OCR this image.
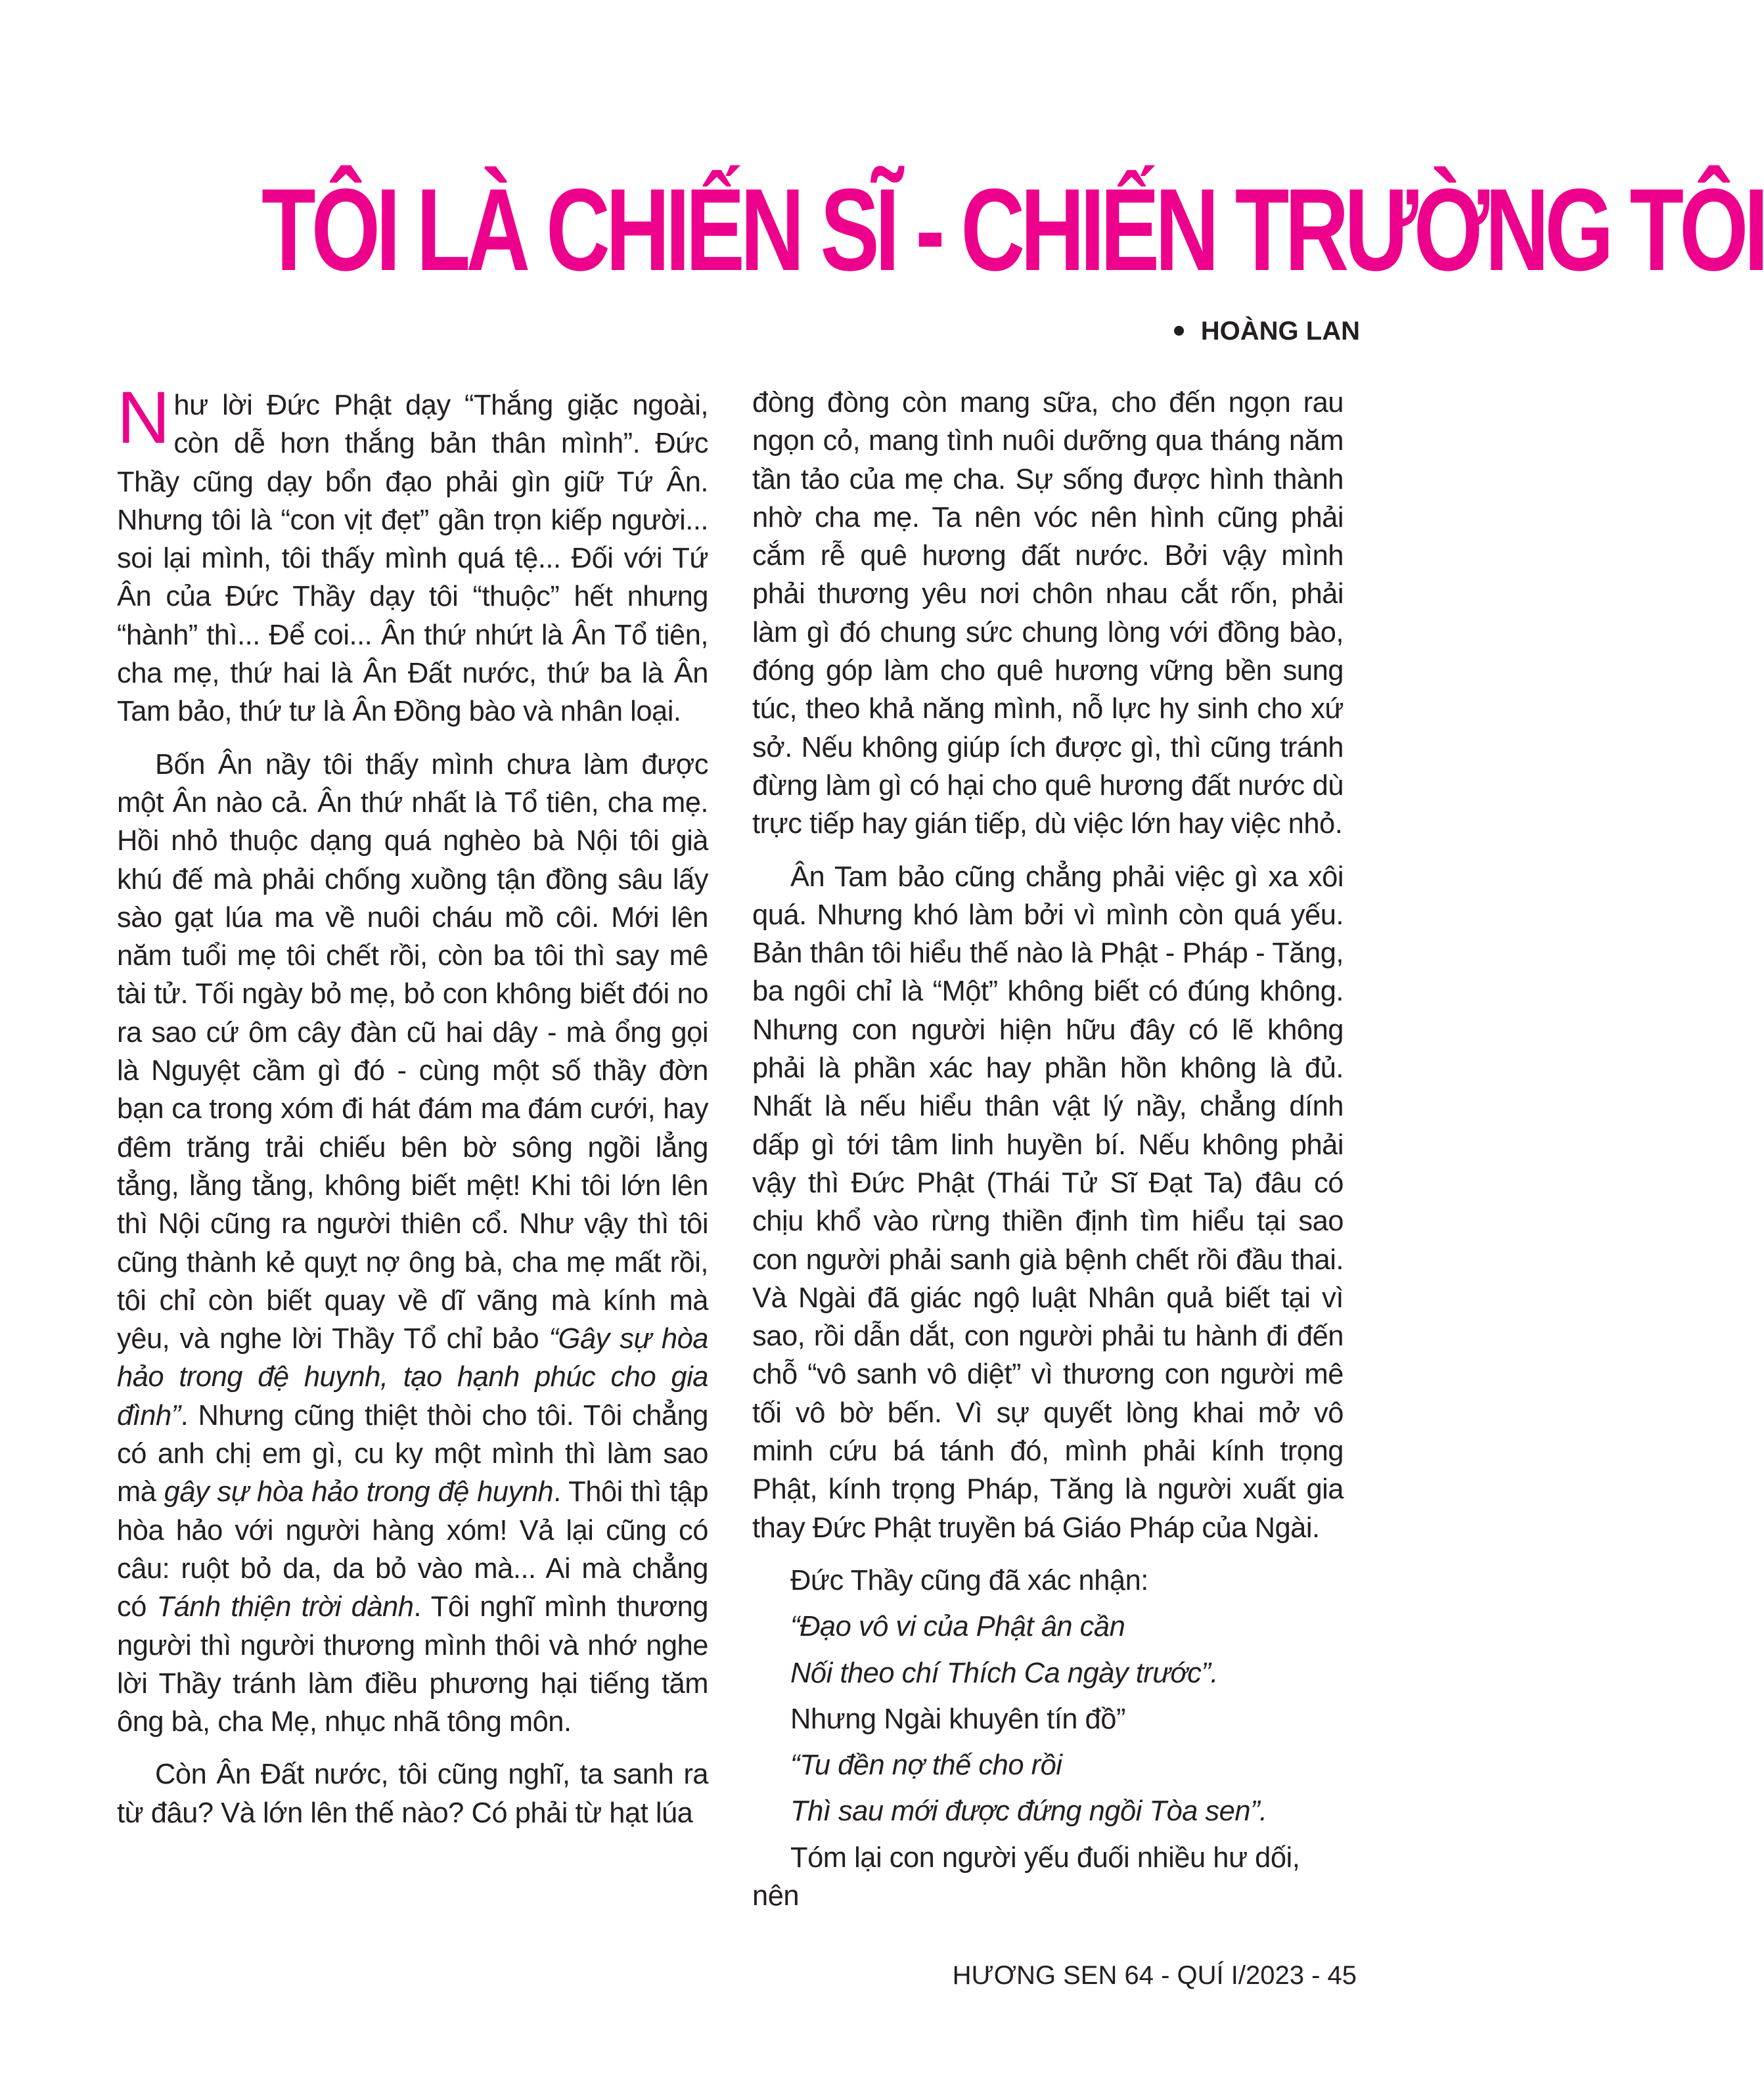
TÔI LÀ CHIẾN SĨ - CHIẾN TRƯỜNG TÔI
HOÀNG LAN

Như lời Đức Phật dạy “Thắng giặc ngoài, còn dễ hơn thắng bản thân mình”. Đức Thầy cũng dạy bổn đạo phải gìn giữ Tứ Ân. Nhưng tôi là “con vịt đẹt” gần trọn kiếp người... soi lại mình, tôi thấy mình quá tệ... Đối với Tứ Ân của Đức Thầy dạy tôi “thuộc” hết nhưng “hành” thì... Để coi... Ân thứ nhứt là Ân Tổ tiên, cha mẹ, thứ hai là Ân Đất nước, thứ ba là Ân Tam bảo, thứ tư là Ân Đồng bào và nhân loại.

Bốn Ân nầy tôi thấy mình chưa làm được một Ân nào cả. Ân thứ nhất là Tổ tiên, cha mẹ. Hồi nhỏ thuộc dạng quá nghèo bà Nội tôi già khú đế mà phải chống xuồng tận đồng sâu lấy sào gạt lúa ma về nuôi cháu mồ côi. Mới lên năm tuổi mẹ tôi chết rồi, còn ba tôi thì say mê tài tử. Tối ngày bỏ mẹ, bỏ con không biết đói no ra sao cứ ôm cây đàn cũ hai dây - mà ổng gọi là Nguyệt cầm gì đó - cùng một số thầy đờn bạn ca trong xóm đi hát đám ma đám cưới, hay đêm trăng trải chiếu bên bờ sông ngồi lẳng tẳng, lằng tằng, không biết mệt! Khi tôi lớn lên thì Nội cũng ra người thiên cổ. Như vậy thì tôi cũng thành kẻ quỵt nợ ông bà, cha mẹ mất rồi, tôi chỉ còn biết quay về dĩ vãng mà kính mà yêu, và nghe lời Thầy Tổ chỉ bảo “Gây sự hòa hảo trong đệ huynh, tạo hạnh phúc cho gia đình”. Nhưng cũng thiệt thòi cho tôi. Tôi chẳng có anh chị em gì, cu ky một mình thì làm sao mà gây sự hòa hảo trong đệ huynh. Thôi thì tập hòa hảo với người hàng xóm! Vả lại cũng có câu: ruột bỏ da, da bỏ vào mà... Ai mà chẳng có Tánh thiện trời dành. Tôi nghĩ mình thương người thì người thương mình thôi và nhớ nghe lời Thầy tránh làm điều phương hại tiếng tăm ông bà, cha Mẹ, nhục nhã tông môn.

Còn Ân Đất nước, tôi cũng nghĩ, ta sanh ra từ đâu? Và lớn lên thế nào? Có phải từ hạt lúa

đòng đòng còn mang sữa, cho đến ngọn rau ngọn cỏ, mang tình nuôi dưỡng qua tháng năm tần tảo của mẹ cha. Sự sống được hình thành nhờ cha mẹ. Ta nên vóc nên hình cũng phải cắm rễ quê hương đất nước. Bởi vậy mình phải thương yêu nơi chôn nhau cắt rốn, phải làm gì đó chung sức chung lòng với đồng bào, đóng góp làm cho quê hương vững bền sung túc, theo khả năng mình, nỗ lực hy sinh cho xứ sở. Nếu không giúp ích được gì, thì cũng tránh đừng làm gì có hại cho quê hương đất nước dù trực tiếp hay gián tiếp, dù việc lớn hay việc nhỏ.

Ân Tam bảo cũng chẳng phải việc gì xa xôi quá. Nhưng khó làm bởi vì mình còn quá yếu. Bản thân tôi hiểu thế nào là Phật - Pháp - Tăng, ba ngôi chỉ là “Một” không biết có đúng không. Nhưng con người hiện hữu đây có lẽ không phải là phần xác hay phần hồn không là đủ. Nhất là nếu hiểu thân vật lý nầy, chẳng dính dấp gì tới tâm linh huyền bí. Nếu không phải vậy thì Đức Phật (Thái Tử Sĩ Đạt Ta) đâu có chịu khổ vào rừng thiền định tìm hiểu tại sao con người phải sanh già bệnh chết rồi đầu thai. Và Ngài đã giác ngộ luật Nhân quả biết tại vì sao, rồi dẫn dắt, con người phải tu hành đi đến chỗ “vô sanh vô diệt” vì thương con người mê tối vô bờ bến. Vì sự quyết lòng khai mở vô minh cứu bá tánh đó, mình phải kính trọng Phật, kính trọng Pháp, Tăng là người xuất gia thay Đức Phật truyền bá Giáo Pháp của Ngài.

Đức Thầy cũng đã xác nhận:

“Đạo vô vi của Phật ân cần

Nối theo chí Thích Ca ngày trước”.

Nhưng Ngài khuyên tín đồ”

“Tu đền nợ thế cho rồi

Thì sau mới được đứng ngồi Tòa sen”.

Tóm lại con người yếu đuối nhiều hư dối, nên

HƯƠNG SEN 64 - QUÍ I/2023 - 45
